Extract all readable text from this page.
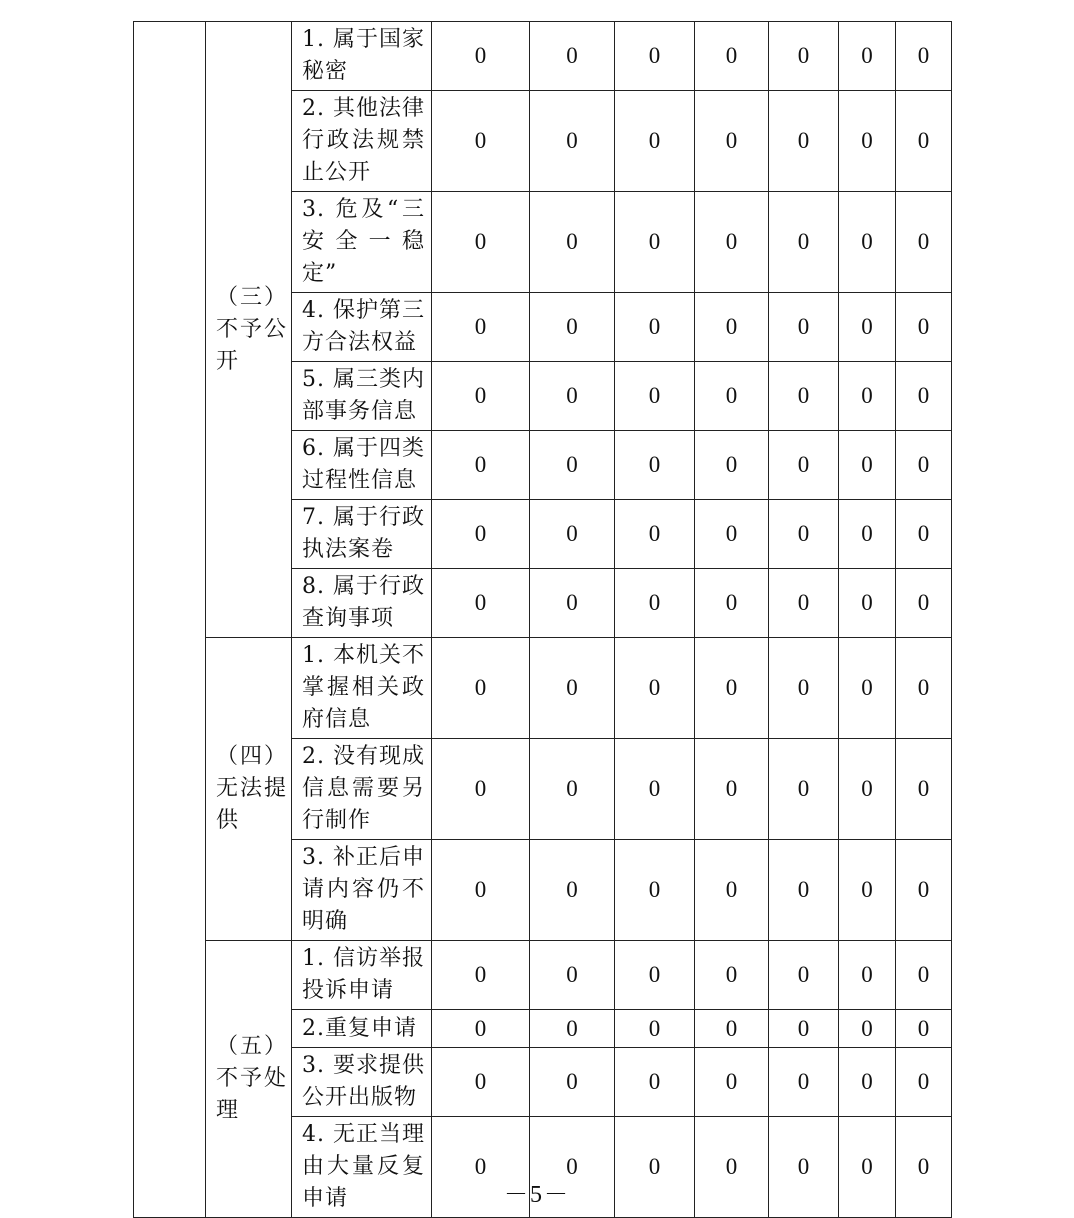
	（三）不予公开	1. 属于国家秘密	0	0	0	0	0	0	0
		2. 其他法律行政法规禁止公开	0	0	0	0	0	0	0
		3. 危及“三安全一稳定”	0	0	0	0	0	0	0
		4. 保护第三方合法权益	0	0	0	0	0	0	0
		5. 属三类内部事务信息	0	0	0	0	0	0	0
		6. 属于四类过程性信息	0	0	0	0	0	0	0
		7. 属于行政执法案卷	0	0	0	0	0	0	0
		8. 属于行政查询事项	0	0	0	0	0	0	0
	（四）无法提供	1. 本机关不掌握相关政府信息	0	0	0	0	0	0	0
		2. 没有现成信息需要另行制作	0	0	0	0	0	0	0
		3. 补正后申请内容仍不明确	0	0	0	0	0	0	0
	（五）不予处理	1. 信访举报投诉申请	0	0	0	0	0	0	0
		2.重复申请	0	0	0	0	0	0	0
		3. 要求提供公开出版物	0	0	0	0	0	0	0
		4. 无正当理由大量反复申请	0	0	0	0	0	0	0
－5－
